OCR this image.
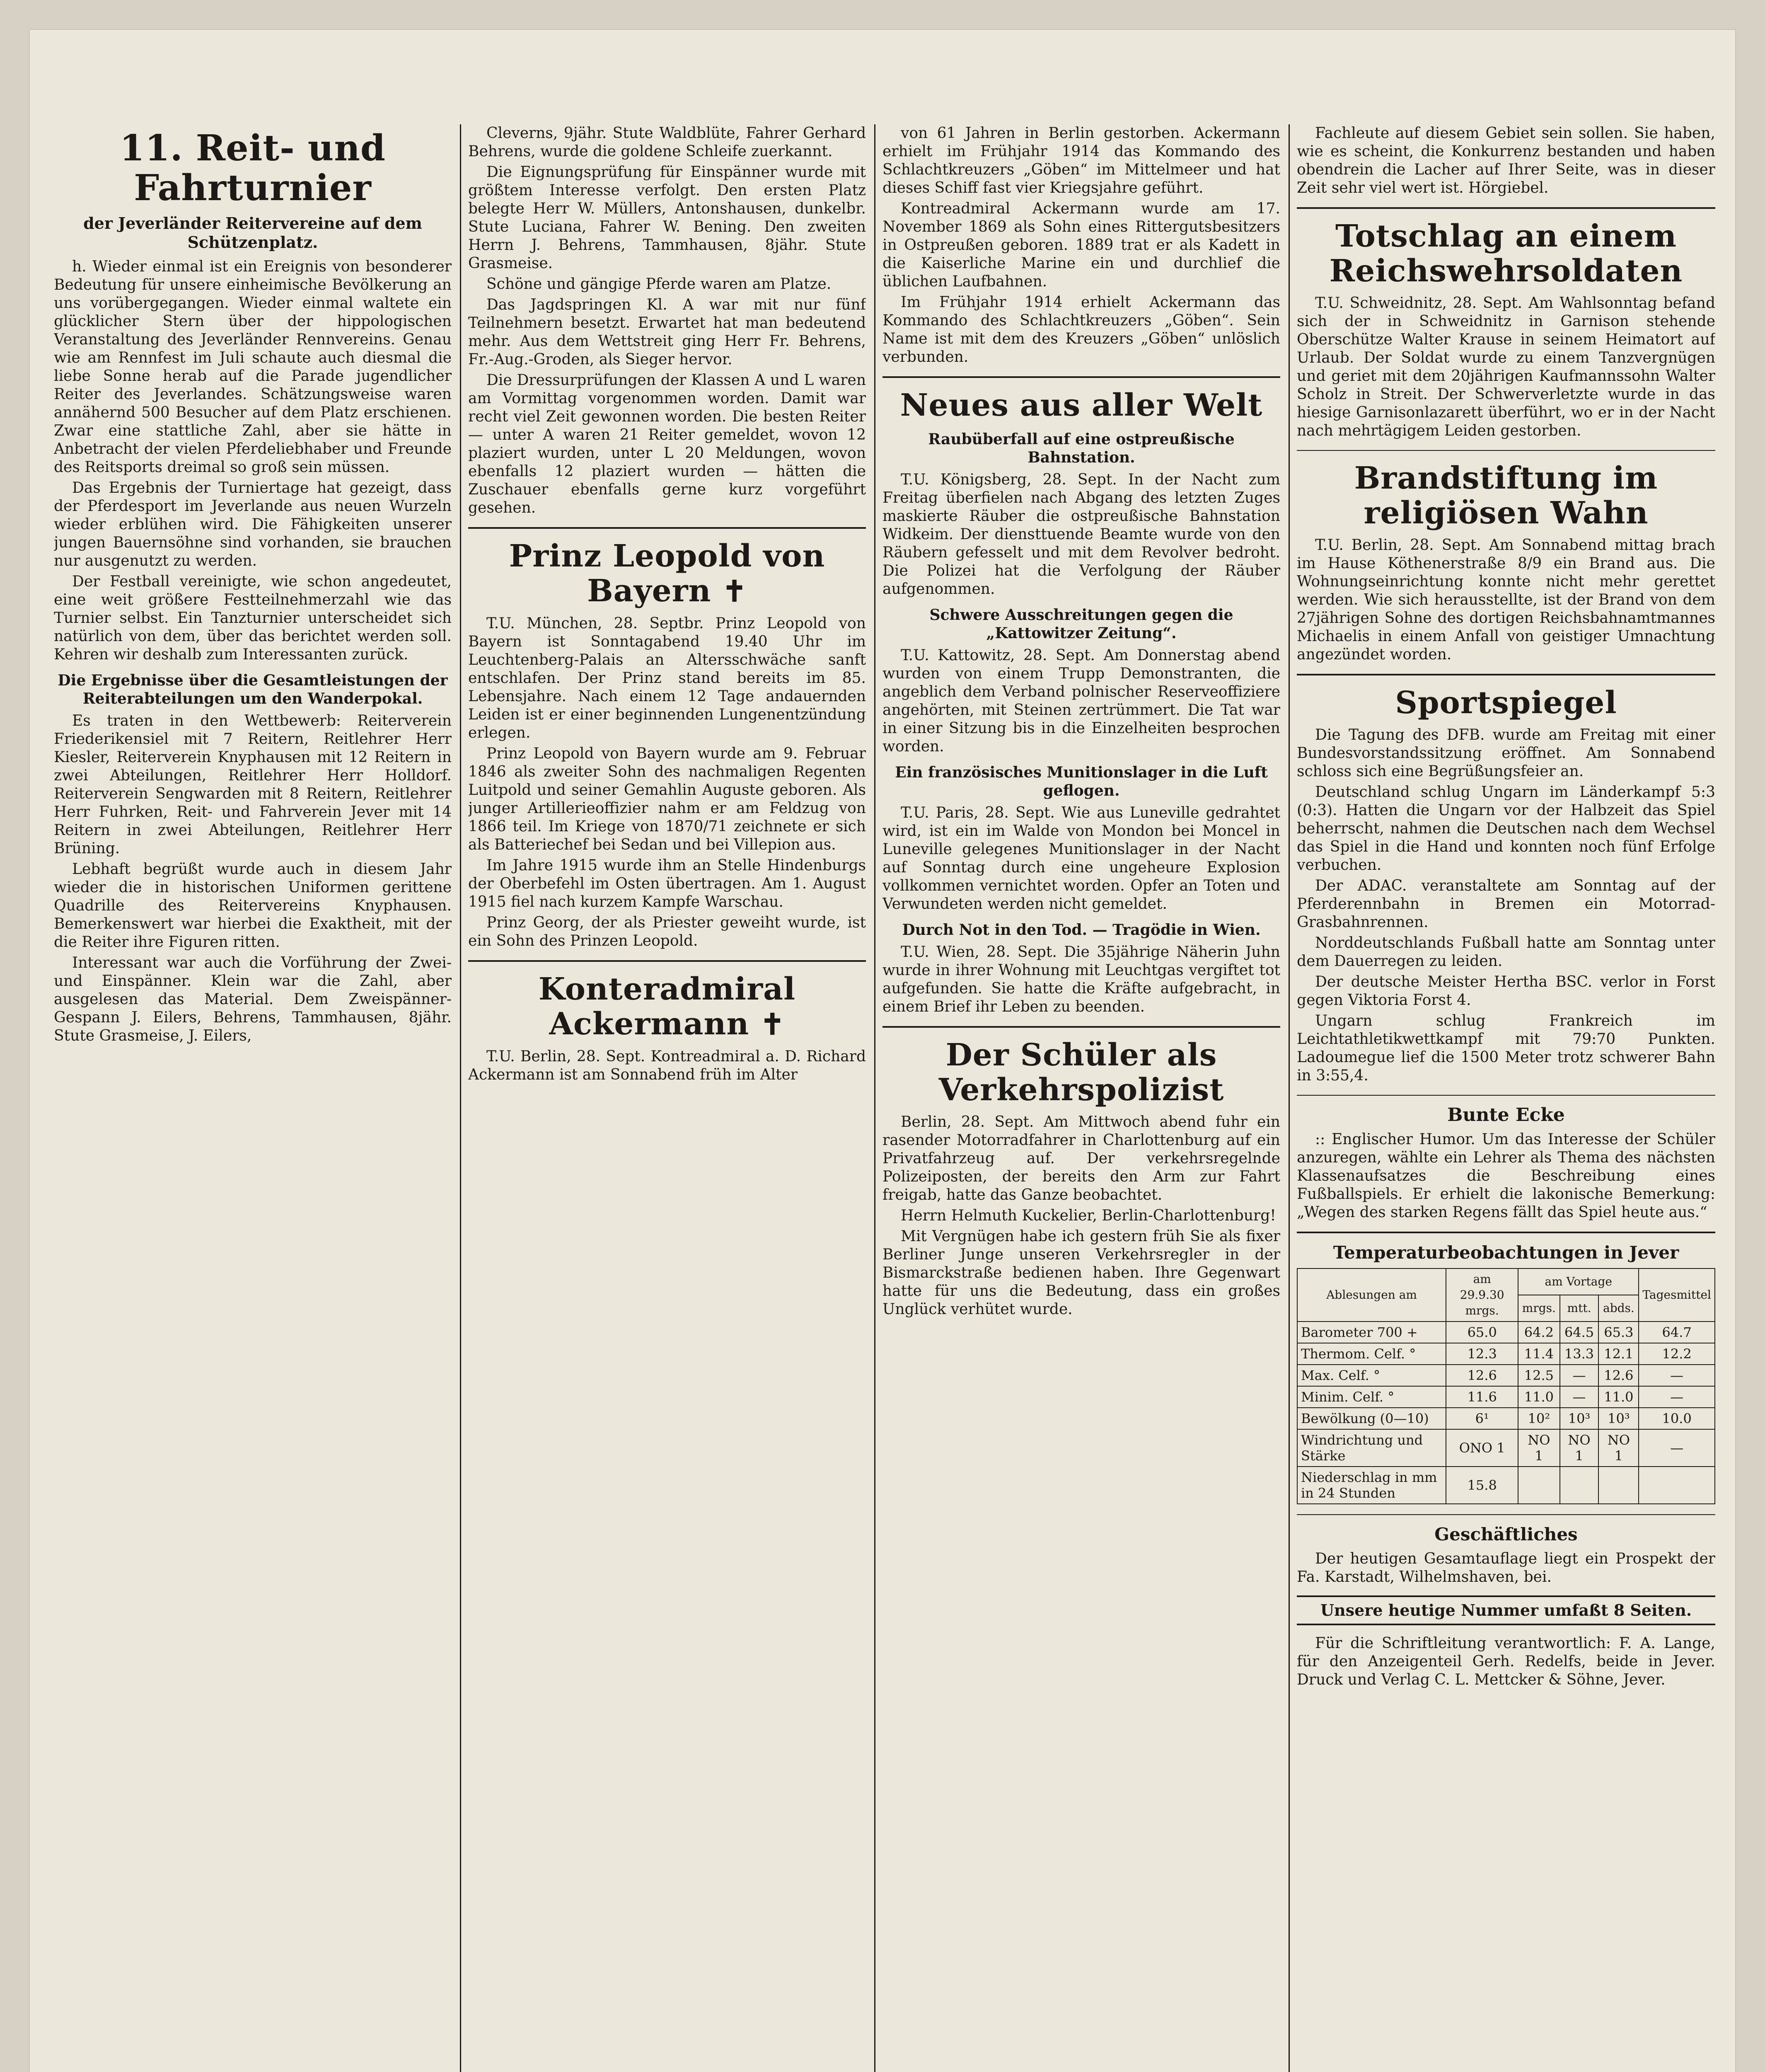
11. Reit- und Fahrturnier
der Jeverländer Reitervereine auf dem Schützenplatz.

h. Wieder einmal ist ein Ereignis von besonderer Bedeutung für unsere einheimische Bevölkerung an uns vorübergegangen. Wieder einmal waltete ein glücklicher Stern über der hippologischen Veranstaltung des Jeverländer Rennvereins. Genau wie am Rennfest im Juli schaute auch diesmal die liebe Sonne herab auf die Parade jugendlicher Reiter des Jeverlandes. Schätzungsweise waren annähernd 500 Besucher auf dem Platz erschienen. Zwar eine stattliche Zahl, aber sie hätte in Anbetracht der vielen Pferdeliebhaber und Freunde des Reitsports dreimal so groß sein müssen.

Das Ergebnis der Turniertage hat gezeigt, dass der Pferdesport im Jeverlande aus neuen Wurzeln wieder erblühen wird. Die Fähigkeiten unserer jungen Bauernsöhne sind vorhanden, sie brauchen nur ausgenutzt zu werden.

Der Festball vereinigte, wie schon angedeutet, eine weit größere Festteilnehmerzahl wie das Turnier selbst. Ein Tanzturnier unterscheidet sich natürlich von dem, über das berichtet werden soll. Kehren wir deshalb zum Interessanten zurück.

Die Ergebnisse über die Gesamtleistungen der Reiterabteilungen um den Wanderpokal.

Es traten in den Wettbewerb: Reiterverein Friederikensiel mit 7 Reitern, Reitlehrer Herr Kiesler, Reiterverein Knyphausen mit 12 Reitern in zwei Abteilungen, Reitlehrer Herr Holldorf. Reiterverein Sengwarden mit 8 Reitern, Reitlehrer Herr Fuhrken, Reit- und Fahrverein Jever mit 14 Reitern in zwei Abteilungen, Reitlehrer Herr Brüning.

Lebhaft begrüßt wurde auch in diesem Jahr wieder die in historischen Uniformen gerittene Quadrille des Reitervereins Knyphausen. Bemerkenswert war hierbei die Exaktheit, mit der die Reiter ihre Figuren ritten.

Interessant war auch die Vorführung der Zwei- und Einspänner. Klein war die Zahl, aber ausgelesen das Material. Dem Zweispänner-Gespann J. Eilers, Behrens, Tammhausen, 8jähr. Stute Grasmeise, J. Eilers,

Cleverns, 9jähr. Stute Waldblüte, Fahrer Gerhard Behrens, wurde die goldene Schleife zuerkannt.

Die Eignungsprüfung für Einspänner wurde mit größtem Interesse verfolgt. Den ersten Platz belegte Herr W. Müllers, Antonshausen, dunkelbr. Stute Luciana, Fahrer W. Bening. Den zweiten Herrn J. Behrens, Tammhausen, 8jähr. Stute Grasmeise.

Schöne und gängige Pferde waren am Platze.

Das Jagdspringen Kl. A war mit nur fünf Teilnehmern besetzt. Erwartet hat man bedeutend mehr. Aus dem Wettstreit ging Herr Fr. Behrens, Fr.-Aug.-Groden, als Sieger hervor.

Die Dressurprüfungen der Klassen A und L waren am Vormittag vorgenommen worden. Damit war recht viel Zeit gewonnen worden. Die besten Reiter — unter A waren 21 Reiter gemeldet, wovon 12 plaziert wurden, unter L 20 Meldungen, wovon ebenfalls 12 plaziert wurden — hätten die Zuschauer ebenfalls gerne kurz vorgeführt gesehen.

Prinz Leopold von Bayern ✝

T.U. München, 28. Septbr. Prinz Leopold von Bayern ist Sonntagabend 19.40 Uhr im Leuchtenberg-Palais an Altersschwäche sanft entschlafen. Der Prinz stand bereits im 85. Lebensjahre. Nach einem 12 Tage andauernden Leiden ist er einer beginnenden Lungenentzündung erlegen.

Prinz Leopold von Bayern wurde am 9. Februar 1846 als zweiter Sohn des nachmaligen Regenten Luitpold und seiner Gemahlin Auguste geboren. Als junger Artillerieoffizier nahm er am Feldzug von 1866 teil. Im Kriege von 1870/71 zeichnete er sich als Batteriechef bei Sedan und bei Villepion aus.

Im Jahre 1915 wurde ihm an Stelle Hindenburgs der Oberbefehl im Osten übertragen. Am 1. August 1915 fiel nach kurzem Kampfe Warschau.

Prinz Georg, der als Priester geweiht wurde, ist ein Sohn des Prinzen Leopold.

Konteradmiral Ackermann ✝

T.U. Berlin, 28. Sept. Kontreadmiral a. D. Richard Ackermann ist am Sonnabend früh im Alter

von 61 Jahren in Berlin gestorben. Ackermann erhielt im Frühjahr 1914 das Kommando des Schlachtkreuzers „Göben“ im Mittelmeer und hat dieses Schiff fast vier Kriegsjahre geführt.

Kontreadmiral Ackermann wurde am 17. November 1869 als Sohn eines Rittergutsbesitzers in Ostpreußen geboren. 1889 trat er als Kadett in die Kaiserliche Marine ein und durchlief die üblichen Laufbahnen.

Im Frühjahr 1914 erhielt Ackermann das Kommando des Schlachtkreuzers „Göben“. Sein Name ist mit dem des Kreuzers „Göben“ unlöslich verbunden.

Neues aus aller Welt
Raubüberfall auf eine ostpreußische Bahnstation.

T.U. Königsberg, 28. Sept. In der Nacht zum Freitag überfielen nach Abgang des letzten Zuges maskierte Räuber die ostpreußische Bahnstation Widkeim. Der diensttuende Beamte wurde von den Räubern gefesselt und mit dem Revolver bedroht. Die Polizei hat die Verfolgung der Räuber aufgenommen.

Schwere Ausschreitungen gegen die „Kattowitzer Zeitung“.

T.U. Kattowitz, 28. Sept. Am Donnerstag abend wurden von einem Trupp Demonstranten, die angeblich dem Verband polnischer Reserveoffiziere angehörten, mit Steinen zertrümmert. Die Tat war in einer Sitzung bis in die Einzelheiten besprochen worden.

Ein französisches Munitionslager in die Luft geflogen.

T.U. Paris, 28. Sept. Wie aus Luneville gedrahtet wird, ist ein im Walde von Mondon bei Moncel in Luneville gelegenes Munitionslager in der Nacht auf Sonntag durch eine ungeheure Explosion vollkommen vernichtet worden. Opfer an Toten und Verwundeten werden nicht gemeldet.

Durch Not in den Tod. — Tragödie in Wien.

T.U. Wien, 28. Sept. Die 35jährige Näherin Juhn wurde in ihrer Wohnung mit Leuchtgas vergiftet tot aufgefunden. Sie hatte die Kräfte aufgebracht, in einem Brief ihr Leben zu beenden.

Der Schüler als Verkehrspolizist

Berlin, 28. Sept. Am Mittwoch abend fuhr ein rasender Motorradfahrer in Charlottenburg auf ein Privatfahrzeug auf. Der verkehrsregelnde Polizeiposten, der bereits den Arm zur Fahrt freigab, hatte das Ganze beobachtet.

Herrn Helmuth Kuckelier, Berlin-Charlottenburg!

Mit Vergnügen habe ich gestern früh Sie als fixer Berliner Junge unseren Verkehrsregler in der Bismarckstraße bedienen haben. Ihre Gegenwart hatte für uns die Bedeutung, dass ein großes Unglück verhütet wurde.

Fachleute auf diesem Gebiet sein sollen. Sie haben, wie es scheint, die Konkurrenz bestanden und haben obendrein die Lacher auf Ihrer Seite, was in dieser Zeit sehr viel wert ist. Hörgiebel.

Totschlag an einem Reichswehrsoldaten

T.U. Schweidnitz, 28. Sept. Am Wahlsonntag befand sich der in Schweidnitz in Garnison stehende Oberschütze Walter Krause in seinem Heimatort auf Urlaub. Der Soldat wurde zu einem Tanzvergnügen und geriet mit dem 20jährigen Kaufmannssohn Walter Scholz in Streit. Der Schwerverletzte wurde in das hiesige Garnisonlazarett überführt, wo er in der Nacht nach mehrtägigem Leiden gestorben.

Brandstiftung im religiösen Wahn

T.U. Berlin, 28. Sept. Am Sonnabend mittag brach im Hause Köthenerstraße 8/9 ein Brand aus. Die Wohnungseinrichtung konnte nicht mehr gerettet werden. Wie sich herausstellte, ist der Brand von dem 27jährigen Sohne des dortigen Reichsbahnamtmannes Michaelis in einem Anfall von geistiger Umnachtung angezündet worden.

Sportspiegel

Die Tagung des DFB. wurde am Freitag mit einer Bundesvorstandssitzung eröffnet. Am Sonnabend schloss sich eine Begrüßungsfeier an.

Deutschland schlug Ungarn im Länderkampf 5:3 (0:3). Hatten die Ungarn vor der Halbzeit das Spiel beherrscht, nahmen die Deutschen nach dem Wechsel das Spiel in die Hand und konnten noch fünf Erfolge verbuchen.

Der ADAC. veranstaltete am Sonntag auf der Pferderennbahn in Bremen ein Motorrad-Grasbahnrennen.

Norddeutschlands Fußball hatte am Sonntag unter dem Dauerregen zu leiden.

Der deutsche Meister Hertha BSC. verlor in Forst gegen Viktoria Forst 4.

Ungarn schlug Frankreich im Leichtathletikwettkampf mit 79:70 Punkten. Ladoumegue lief die 1500 Meter trotz schwerer Bahn in 3:55,4.

Bunte Ecke

:: Englischer Humor. Um das Interesse der Schüler anzuregen, wählte ein Lehrer als Thema des nächsten Klassenaufsatzes die Beschreibung eines Fußballspiels. Er erhielt die lakonische Bemerkung: „Wegen des starken Regens fällt das Spiel heute aus.“

Temperaturbeobachtungen in Jever
Ablesungen am	am 29.9.30 mrgs.	am Vortage			Tagesmittel
		mrgs.	mtt.	abds.	
Barometer 700 +	65.0	64.2	64.5	65.3	64.7
Thermom. Celf. °	12.3	11.4	13.3	12.1	12.2
Max. Celf. °	12.6	12.5	—	12.6	—
Minim. Celf. °	11.6	11.0	—	11.0	—
Bewölkung (0—10)	6¹	10²	10³	10³	10.0
Windrichtung und Stärke	ONO 1	NO 1	NO 1	NO 1	—
Niederschlag in mm in 24 Stunden	15.8				
Geschäftliches

Der heutigen Gesamtauflage liegt ein Prospekt der Fa. Karstadt, Wilhelmshaven, bei.

Unsere heutige Nummer umfaßt 8 Seiten.

Für die Schriftleitung verantwortlich: F. A. Lange, für den Anzeigenteil Gerh. Redelfs, beide in Jever. Druck und Verlag C. L. Mettcker & Söhne, Jever.
